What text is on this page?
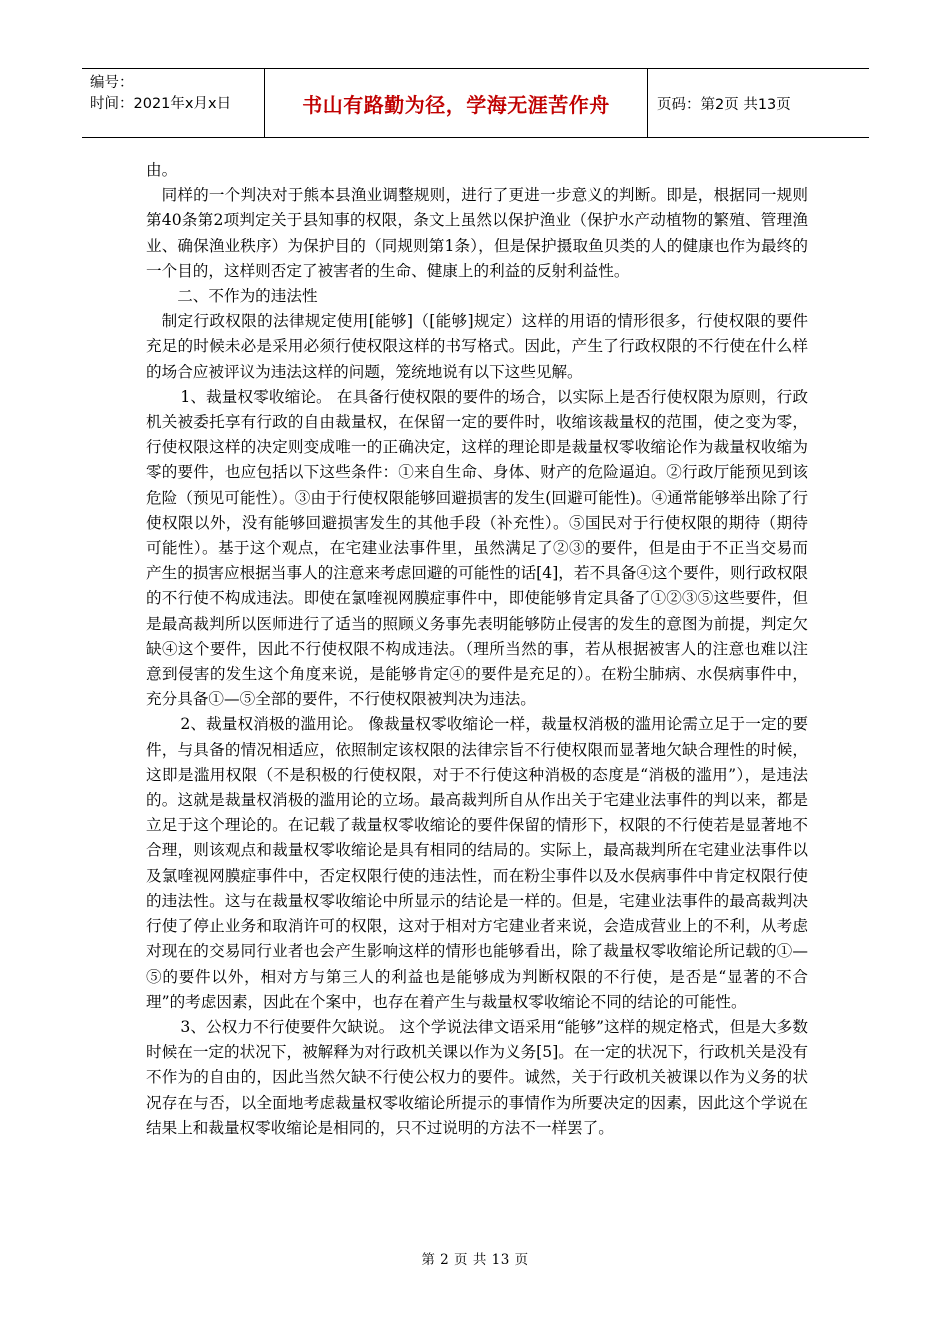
编号：
时间：2021年x月x日	书山有路勤为径，学海无涯苦作舟	页码：第2页 共13页

由。

同样的一个判决对于熊本县渔业调整规则，进行了更进一步意义的判断。即是，根据同一规则第40条第2项判定关于县知事的权限，条文上虽然以保护渔业（保护水产动植物的繁殖、管理渔业、确保渔业秩序）为保护目的（同规则第1条），但是保护摄取鱼贝类的人的健康也作为最终的一个目的，这样则否定了被害者的生命、健康上的利益的反射利益性。

二、不作为的违法性

制定行政权限的法律规定使用[能够]（[能够]规定）这样的用语的情形很多，行使权限的要件充足的时候未必是采用必须行使权限这样的书写格式。因此，产生了行政权限的不行使在什么样的场合应被评议为违法这样的问题，笼统地说有以下这些见解。

1、裁量权零收缩论。 在具备行使权限的要件的场合，以实际上是否行使权限为原则，行政机关被委托享有行政的自由裁量权，在保留一定的要件时，收缩该裁量权的范围，使之变为零，行使权限这样的决定则变成唯一的正确决定，这样的理论即是裁量权零收缩论作为裁量权收缩为零的要件，也应包括以下这些条件：①来自生命、身体、财产的危险逼迫。②行政厅能预见到该危险（预见可能性）。③由于行使权限能够回避损害的发生(回避可能性)。④通常能够举出除了行使权限以外，没有能够回避损害发生的其他手段（补充性）。⑤国民对于行使权限的期待（期待可能性）。基于这个观点，在宅建业法事件里，虽然满足了②③的要件，但是由于不正当交易而产生的损害应根据当事人的注意来考虑回避的可能性的话[4]，若不具备④这个要件，则行政权限的不行使不构成违法。即使在氯喹视网膜症事件中，即使能够肯定具备了①②③⑤这些要件，但是最高裁判所以医师进行了适当的照顾义务事先表明能够防止侵害的发生的意图为前提，判定欠缺④这个要件，因此不行使权限不构成违法。（理所当然的事，若从根据被害人的注意也难以注意到侵害的发生这个角度来说，是能够肯定④的要件是充足的）。在粉尘肺病、水俣病事件中，充分具备①—⑤全部的要件，不行使权限被判决为违法。

2、裁量权消极的滥用论。 像裁量权零收缩论一样，裁量权消极的滥用论需立足于一定的要件，与具备的情况相适应，依照制定该权限的法律宗旨不行使权限而显著地欠缺合理性的时候，这即是滥用权限（不是积极的行使权限，对于不行使这种消极的态度是“消极的滥用”），是违法的。这就是裁量权消极的滥用论的立场。最高裁判所自从作出关于宅建业法事件的判以来，都是立足于这个理论的。在记载了裁量权零收缩论的要件保留的情形下，权限的不行使若是显著地不合理，则该观点和裁量权零收缩论是具有相同的结局的。实际上，最高裁判所在宅建业法事件以及氯喹视网膜症事件中，否定权限行使的违法性，而在粉尘事件以及水俣病事件中肯定权限行使的违法性。这与在裁量权零收缩论中所显示的结论是一样的。但是，宅建业法事件的最高裁判决行使了停止业务和取消许可的权限，这对于相对方宅建业者来说，会造成营业上的不利，从考虑对现在的交易同行业者也会产生影响这样的情形也能够看出，除了裁量权零收缩论所记载的①—⑤的要件以外，相对方与第三人的利益也是能够成为判断权限的不行使，是否是“显著的不合理”的考虑因素，因此在个案中，也存在着产生与裁量权零收缩论不同的结论的可能性。

3、公权力不行使要件欠缺说。 这个学说法律文语采用“能够”这样的规定格式，但是大多数时候在一定的状况下，被解释为对行政机关课以作为义务[5]。在一定的状况下，行政机关是没有不作为的自由的，因此当然欠缺不行使公权力的要件。诚然，关于行政机关被课以作为义务的状况存在与否，以全面地考虑裁量权零收缩论所提示的事情作为所要决定的因素，因此这个学说在结果上和裁量权零收缩论是相同的，只不过说明的方法不一样罢了。

第 2 页 共 13 页
